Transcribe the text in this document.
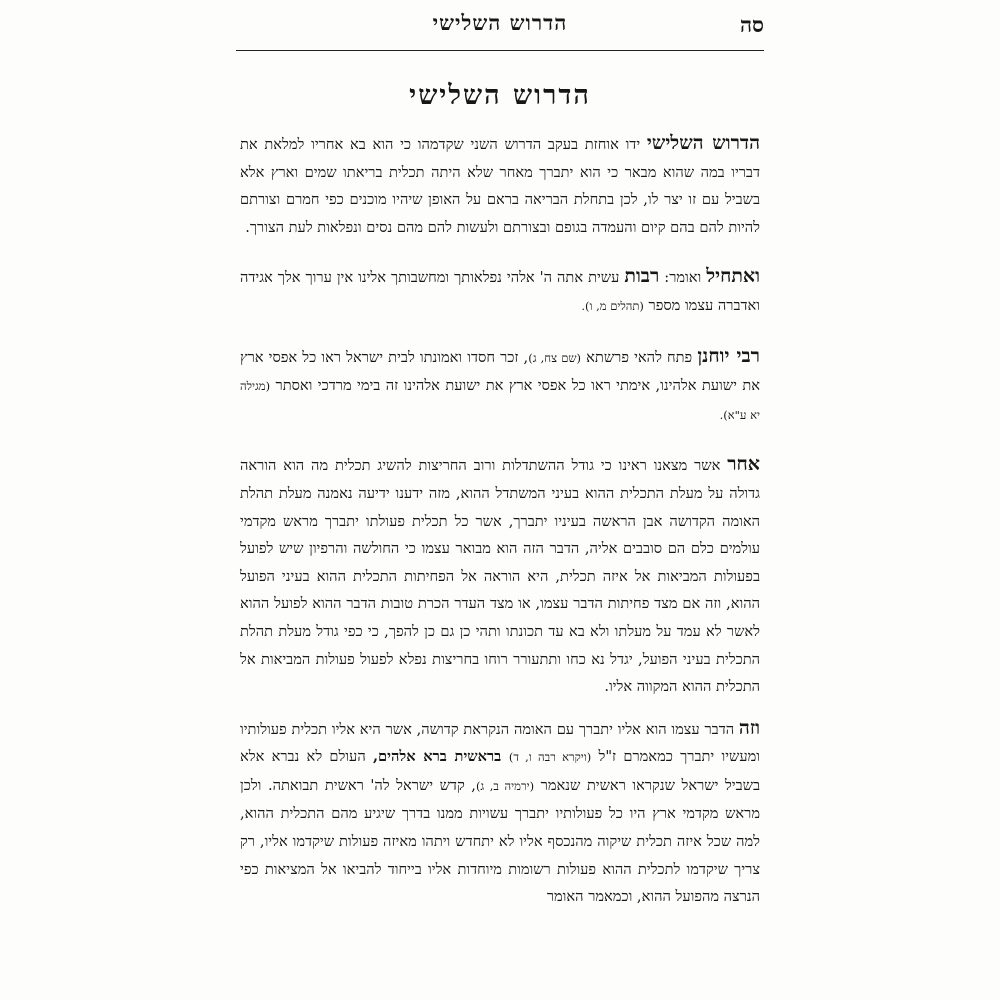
הדרוש השלישי	סה
הדרוש השלישי

הדרוש השלישי ידו אוחזת בעקב הדרוש השני שקדמהו כי הוא בא אחריו למלאת את דבריו במה שהוא מבאר כי הוא יתברך מאחר שלא היתה תכלית בריאתו שמים וארץ אלא בשביל עם זו יצר לו, לכן בתחלת הבריאה בראם על האופן שיהיו מוכנים כפי חמרם וצורתם להיות להם בהם קיום והעמדה בגופם ובצורתם ולעשות להם מהם נסים ונפלאות לעת הצורך.

ואתחיל ואומר: רבות עשית אתה ה' אלהי נפלאותך ומחשבותך אלינו אין ערוך אלך אגידה ואדברה עצמו מספר (תהלים מ, ו).

רבי יוחנן פתח להאי פרשתא (שם צח, ג), זכר חסדו ואמונתו לבית ישראל ראו כל אפסי ארץ את ישועת אלהינו, אימתי ראו כל אפסי ארץ את ישועת אלהינו זה בימי מרדכי ואסתר (מגילה יא ע"א).

אחר אשר מצאנו ראינו כי גודל ההשתדלות ורוב החריצות להשיג תכלית מה הוא הוראה גדולה על מעלת התכלית ההוא בעיני המשתדל ההוא, מזה ידענו ידיעה נאמנה מעלת תהלת האומה הקדושה אבן הראשה בעיניו יתברך, אשר כל תכלית פעולתו יתברך מראש מקדמי עולמים כלם הם סובבים אליה, הדבר הזה הוא מבואר עצמו כי החולשה והרפיון שיש לפועל בפעולות המביאות אל איזה תכלית, היא הוראה אל הפחיתות התכלית ההוא בעיני הפועל ההוא, וזה אם מצד פחיתות הדבר עצמו, או מצד העדר הכרת טובות הדבר ההוא לפועל ההוא לאשר לא עמד על מעלתו ולא בא עד תכונתו ותהי כן גם כן להפך, כי כפי גודל מעלת תהלת התכלית בעיני הפועל, יגדל נא כחו ותתעורר רוחו בחריצות נפלא לפעול פעולות המביאות אל התכלית ההוא המקווה אליו.

וזה הדבר עצמו הוא אליו יתברך עם האומה הנקראת קדושה, אשר היא אליו תכלית פעולותיו ומעשיו יתברך כמאמרם ז"ל (ויקרא רבה ו, ד) בראשית ברא אלהים, העולם לא נברא אלא בשביל ישראל שנקראו ראשית שנאמר (ירמיה ב, ג), קדש ישראל לה' ראשית תבואתה. ולכן מראש מקדמי ארץ היו כל פעולותיו יתברך עשויות ממנו בדרך שיגיע מהם התכלית ההוא, למה שכל איזה תכלית שיקוה מהנכסף אליו לא יתחדש ויתהו מאיזה פעולות שיקדמו אליו, רק צריך שיקדמו לתכלית ההוא פעולות רשומות מיוחדות אליו בייחוד להביאו אל המציאות כפי הנרצה מהפועל ההוא, וכמאמר האומר
